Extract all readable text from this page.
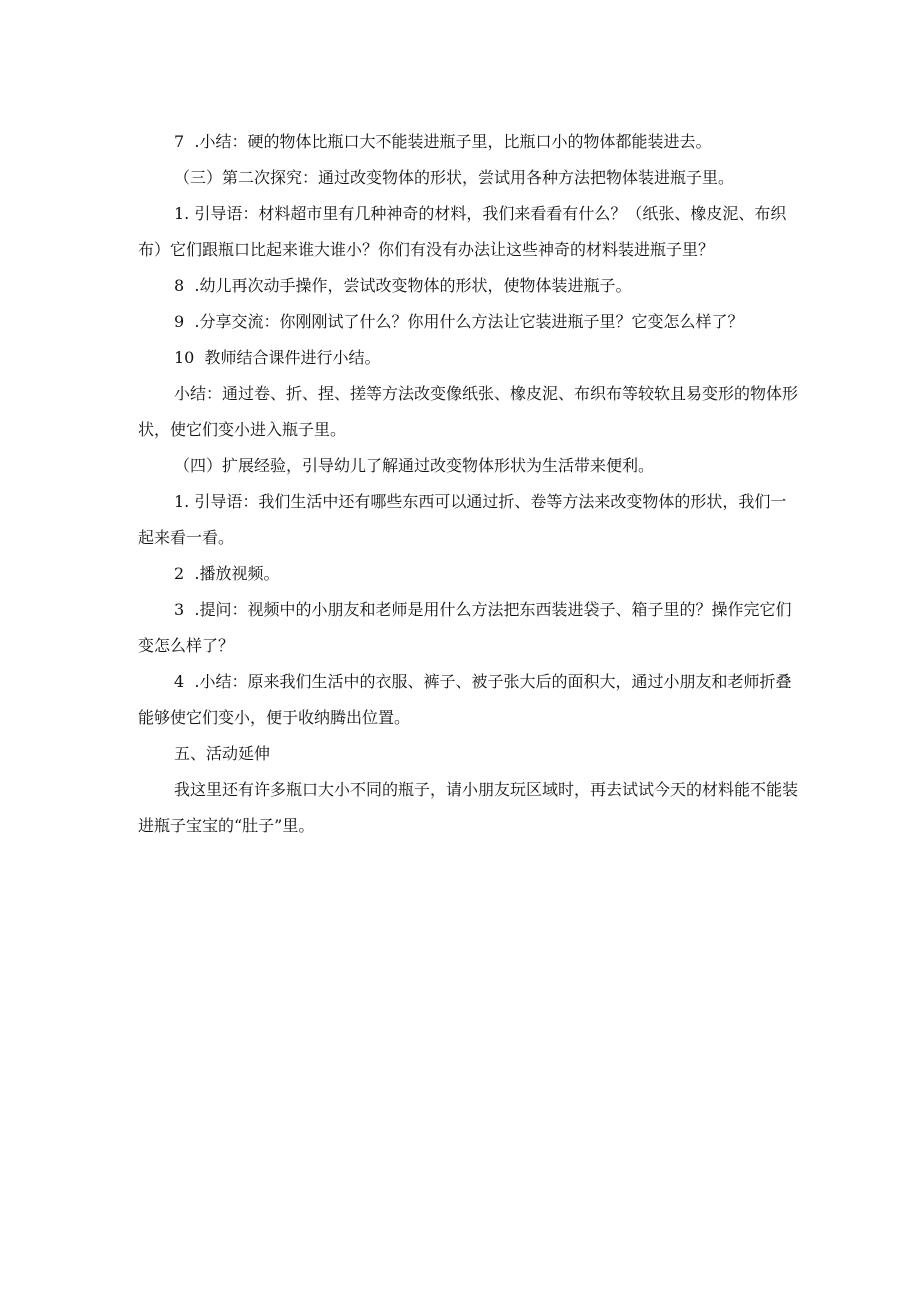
7  .小结：硬的物体比瓶口大不能装进瓶子里，比瓶口小的物体都能装进去。

（三）第二次探究：通过改变物体的形状，尝试用各种方法把物体装进瓶子里。

1. 引导语：材料超市里有几种神奇的材料，我们来看看有什么？（纸张、橡皮泥、布织布）它们跟瓶口比起来谁大谁小？你们有没有办法让这些神奇的材料装进瓶子里？

8  .幼儿再次动手操作，尝试改变物体的形状，使物体装进瓶子。

9  .分享交流：你刚刚试了什么？你用什么方法让它装进瓶子里？它变怎么样了？

10  教师结合课件进行小结。

小结：通过卷、折、捏、搓等方法改变像纸张、橡皮泥、布织布等较软且易变形的物体形状，使它们变小进入瓶子里。

（四）扩展经验，引导幼儿了解通过改变物体形状为生活带来便利。

1. 引导语：我们生活中还有哪些东西可以通过折、卷等方法来改变物体的形状，我们一起来看一看。

2  .播放视频。

3  .提问：视频中的小朋友和老师是用什么方法把东西装进袋子、箱子里的？操作完它们变怎么样了？

4  .小结：原来我们生活中的衣服、裤子、被子张大后的面积大，通过小朋友和老师折叠能够使它们变小，便于收纳腾出位置。

五、活动延伸

我这里还有许多瓶口大小不同的瓶子，请小朋友玩区域时，再去试试今天的材料能不能装进瓶子宝宝的“肚子”里。
